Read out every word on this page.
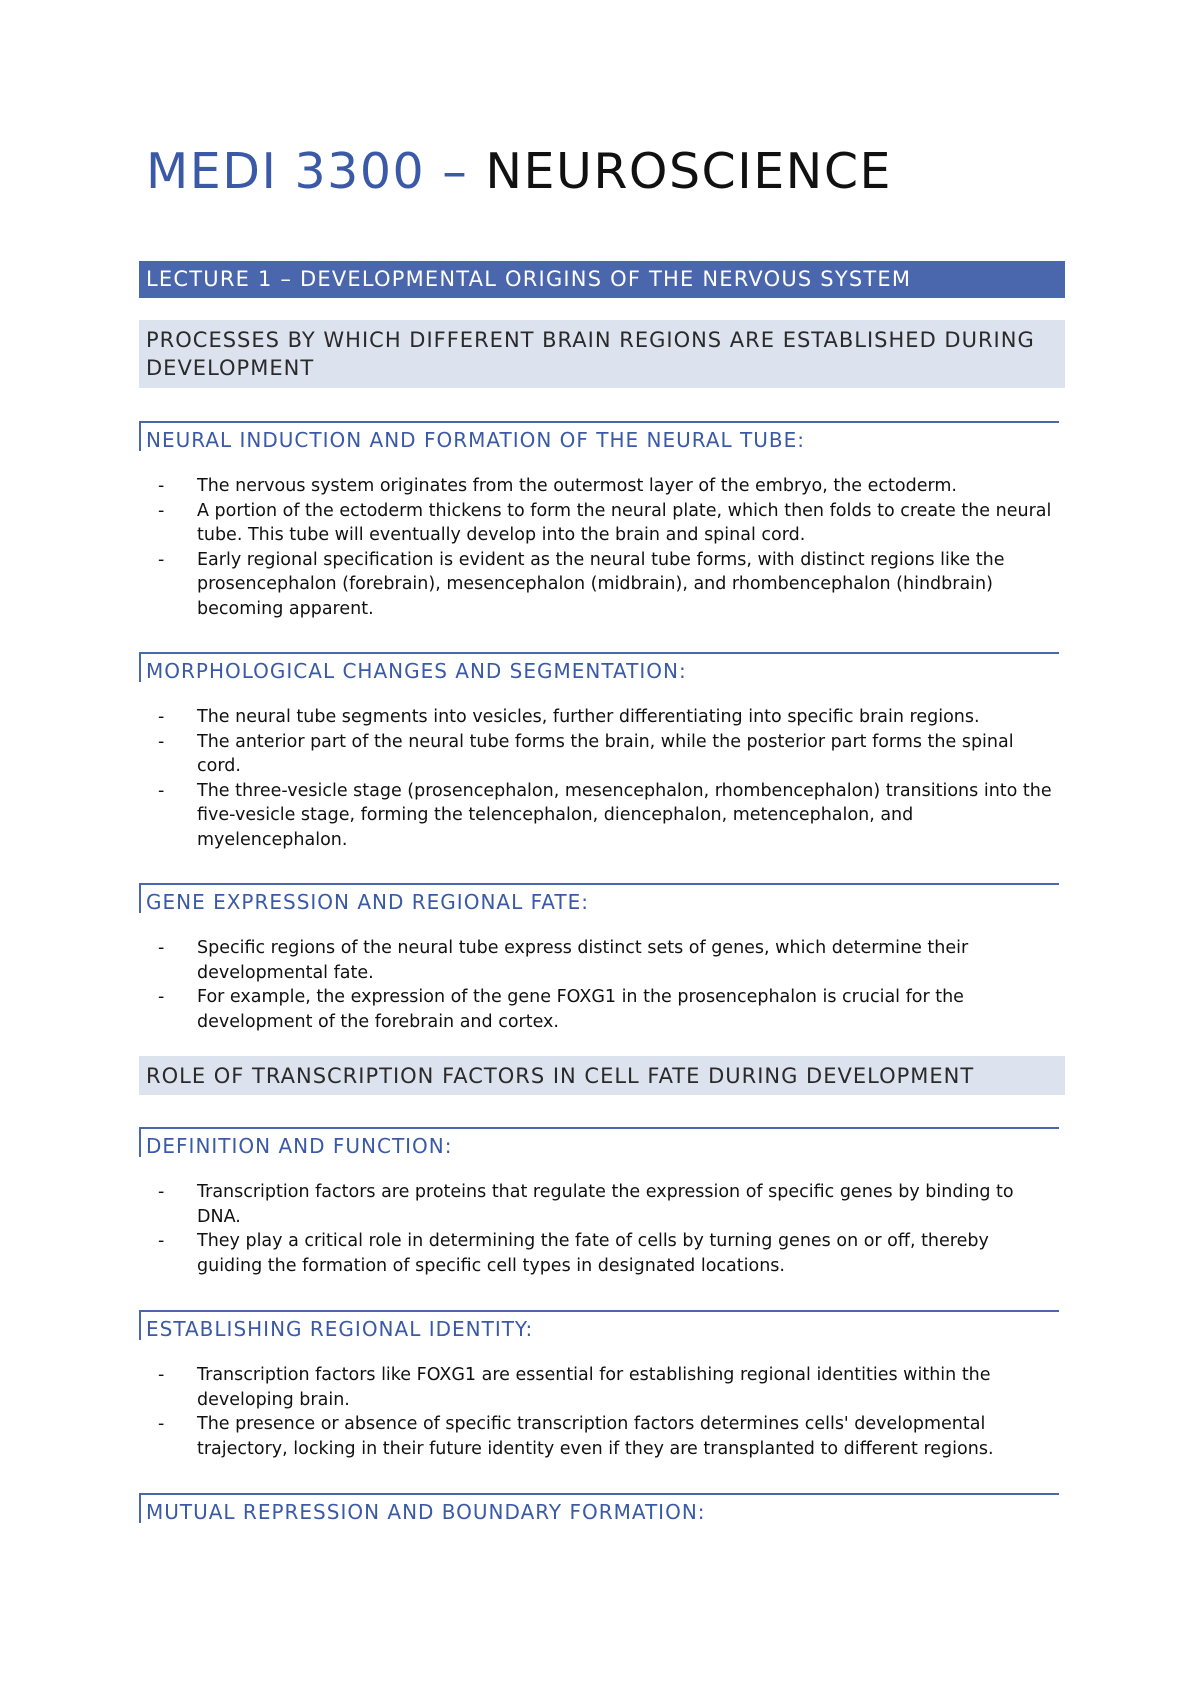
MEDI 3300 – NEUROSCIENCE
LECTURE 1 – DEVELOPMENTAL ORIGINS OF THE NERVOUS SYSTEM
PROCESSES BY WHICH DIFFERENT BRAIN REGIONS ARE ESTABLISHED DURING DEVELOPMENT
NEURAL INDUCTION AND FORMATION OF THE NEURAL TUBE:
- The nervous system originates from the outermost layer of the embryo, the ectoderm.
- A portion of the ectoderm thickens to form the neural plate, which then folds to create the neural tube. This tube will eventually develop into the brain and spinal cord.
- Early regional specification is evident as the neural tube forms, with distinct regions like the prosencephalon (forebrain), mesencephalon (midbrain), and rhombencephalon (hindbrain) becoming apparent.
MORPHOLOGICAL CHANGES AND SEGMENTATION:
- The neural tube segments into vesicles, further differentiating into specific brain regions.
- The anterior part of the neural tube forms the brain, while the posterior part forms the spinal cord.
- The three-vesicle stage (prosencephalon, mesencephalon, rhombencephalon) transitions into the five-vesicle stage, forming the telencephalon, diencephalon, metencephalon, and myelencephalon.
GENE EXPRESSION AND REGIONAL FATE:
- Specific regions of the neural tube express distinct sets of genes, which determine their developmental fate.
- For example, the expression of the gene FOXG1 in the prosencephalon is crucial for the development of the forebrain and cortex.
ROLE OF TRANSCRIPTION FACTORS IN CELL FATE DURING DEVELOPMENT
DEFINITION AND FUNCTION:
- Transcription factors are proteins that regulate the expression of specific genes by binding to DNA.
- They play a critical role in determining the fate of cells by turning genes on or off, thereby guiding the formation of specific cell types in designated locations.
ESTABLISHING REGIONAL IDENTITY:
- Transcription factors like FOXG1 are essential for establishing regional identities within the developing brain.
- The presence or absence of specific transcription factors determines cells' developmental trajectory, locking in their future identity even if they are transplanted to different regions.
MUTUAL REPRESSION AND BOUNDARY FORMATION:
